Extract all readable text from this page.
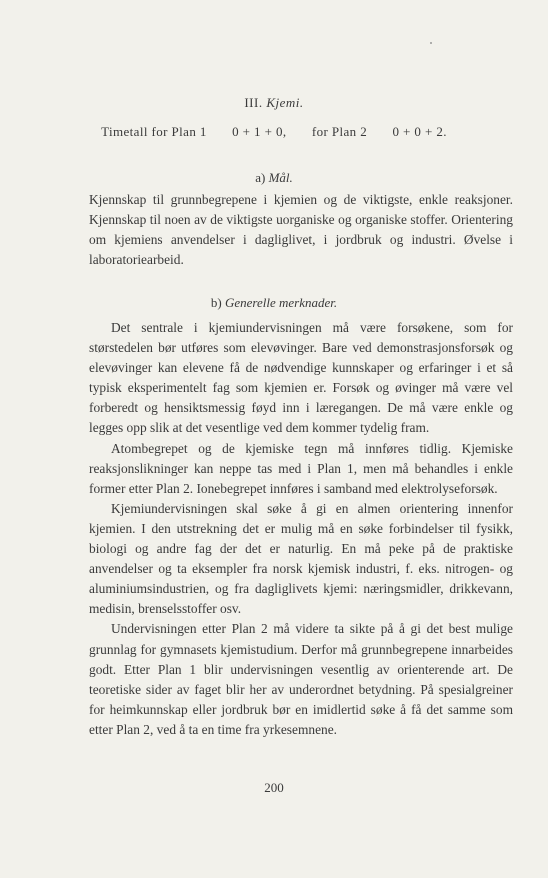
III. Kjemi.
Timetall for Plan 1 0 + 1 + 0, for Plan 2 0 + 0 + 2.
a) Mål.

Kjennskap til grunnbegrepene i kjemien og de viktigste, enkle reaksjoner. Kjennskap til noen av de viktigste uorganiske og organiske stoffer. Orientering om kjemiens anvendelser i dagliglivet, i jordbruk og industri. Øvelse i laboratoriearbeid.

b) Generelle merknader.

Det sentrale i kjemiundervisningen må være forsøkene, som for størstedelen bør utføres som elevøvinger. Bare ved demonstrasjonsforsøk og elevøvinger kan elevene få de nødvendige kunnskaper og erfaringer i et så typisk eksperimentelt fag som kjemien er. Forsøk og øvinger må være vel forberedt og hensiktsmessig føyd inn i læregangen. De må være enkle og legges opp slik at det vesentlige ved dem kommer tydelig fram.

Atombegrepet og de kjemiske tegn må innføres tidlig. Kjemiske reaksjonslikninger kan neppe tas med i Plan 1, men må behandles i enkle former etter Plan 2. Ionebegrepet innføres i samband med elektrolyseforsøk.

Kjemiundervisningen skal søke å gi en almen orientering innenfor kjemien. I den utstrekning det er mulig må en søke forbindelser til fysikk, biologi og andre fag der det er naturlig. En må peke på de praktiske anvendelser og ta eksempler fra norsk kjemisk industri, f. eks. nitrogen- og aluminiumsindustrien, og fra dagliglivets kjemi: næringsmidler, drikkevann, medisin, brenselsstoffer osv.

Undervisningen etter Plan 2 må videre ta sikte på å gi det best mulige grunnlag for gymnasets kjemistudium. Derfor må grunnbegrepene innarbeides godt. Etter Plan 1 blir undervisningen vesentlig av orienterende art. De teoretiske sider av faget blir her av underordnet betydning. På spesialgreiner for heimkunnskap eller jordbruk bør en imidlertid søke å få det samme som etter Plan 2, ved å ta en time fra yrkesemnene.

200
